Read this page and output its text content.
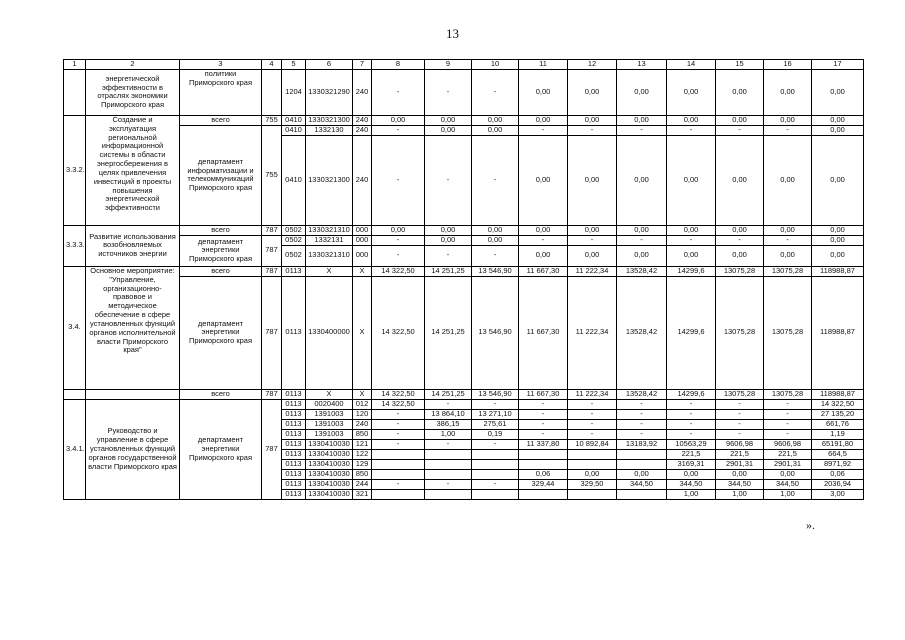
13
1	2	3	4	5	6	7	8	9	10	11	12	13	14	15	16	17
	энергетической эффективности в отраслях экономики Приморского края	политики Приморского края		1204	1330321290	240	-	-	-	0,00	0,00	0,00	0,00	0,00	0,00	0,00
3.3.2.	Создание и эксплуатация региональной информационной системы в области энергосбережения в целях привлечения инвестиций в проекты повышения энергетической эффективности	всего	755	0410	1330321300	240	0,00	0,00	0,00	0,00	0,00	0,00	0,00	0,00	0,00	0,00
		департамент информатизации и телекоммуникаций Приморского края	755	0410	1332130	240	-	0,00	0,00	-	-	-	-	-	-	0,00
				0410	1330321300	240	-	-	-	0,00	0,00	0,00	0,00	0,00	0,00	0,00
3.3.3.	Развитие использования возобновляемых источников энергии	всего	787	0502	1330321310	000	0,00	0,00	0,00	0,00	0,00	0,00	0,00	0,00	0,00	0,00
		департамент энергетики Приморского края	787	0502	1332131	000	-	0,00	0,00	-	-	-	-	-	-	0,00
				0502	1330321310	000	-	-	-	0,00	0,00	0,00	0,00	0,00	0,00	0,00
3.4.	Основное мероприятие: "Управление, организационно-правовое и методическое обеспечение в сфере установленных функций органов исполнительной власти Приморского края"	всего	787	0113	X	X	14 322,50	14 251,25	13 546,90	11 667,30	11 222,34	13528,42	14299,6	13075,28	13075,28	118988,87
		департамент энергетики Приморского края	787	0113	1330400000	X	14 322,50	14 251,25	13 546,90	11 667,30	11 222,34	13528,42	14299,6	13075,28	13075,28	118988,87
		всего	787	0113	X	X	14 322,50	14 251,25	13 546,90	11 667,30	11 222,34	13528,42	14299,6	13075,28	13075,28	118988,87
3.4.1.	Руководство и управление в сфере установленных функций органов государственной власти Приморского края	департамент энергетики Приморского края	787	0113	0020400	012	14 322,50	-	-	-	-	-	-	-	-	14 322,50
				0113	1391003	120	-	13 864,10	13 271,10	-	-	-	-	-	-	27 135,20
				0113	1391003	240	-	386,15	275,61	-	-	-	-	-	-	661,76
				0113	1391003	850	-	1,00	0,19	-	-	-	-	-	-	1,19
				0113	1330410030	121	-	-	-	11 337,80	10 892,84	13183,92	10563,29	9606,98	9606,98	65191,80
				0113	1330410030	122							221,5	221,5	221,5	664,5
				0113	1330410030	129							3169,31	2901,31	2901,31	8971,92
				0113	1330410030	850				0,06	0,00	0,00	0,00	0,00	0,00	0,06
				0113	1330410030	244	-	-	-	329,44	329,50	344,50	344,50	344,50	344,50	2036,94
				0113	1330410030	321							1,00	1,00	1,00	3,00
».
